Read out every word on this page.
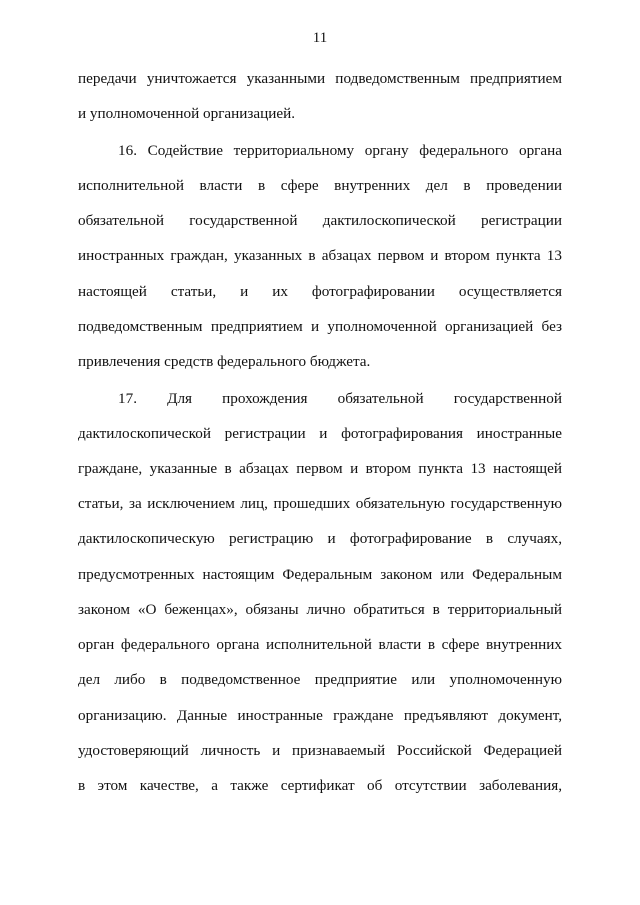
11
передачи уничтожается указанными подведомственным предприятием
и уполномоченной организацией.
16. Содействие территориальному органу федерального органа
исполнительной власти в сфере внутренних дел в проведении
обязательной государственной дактилоскопической регистрации
иностранных граждан, указанных в абзацах первом и втором пункта 13
настоящей статьи, и их фотографировании осуществляется
подведомственным предприятием и уполномоченной организацией без
привлечения средств федерального бюджета.
17. Для прохождения обязательной государственной
дактилоскопической регистрации и фотографирования иностранные
граждане, указанные в абзацах первом и втором пункта 13 настоящей
статьи, за исключением лиц, прошедших обязательную государственную
дактилоскопическую регистрацию и фотографирование в случаях,
предусмотренных настоящим Федеральным законом или Федеральным
законом «О беженцах», обязаны лично обратиться в территориальный
орган федерального органа исполнительной власти в сфере внутренних
дел либо в подведомственное предприятие или уполномоченную
организацию. Данные иностранные граждане предъявляют документ,
удостоверяющий личность и признаваемый Российской Федерацией
в этом качестве, а также сертификат об отсутствии заболевания,
